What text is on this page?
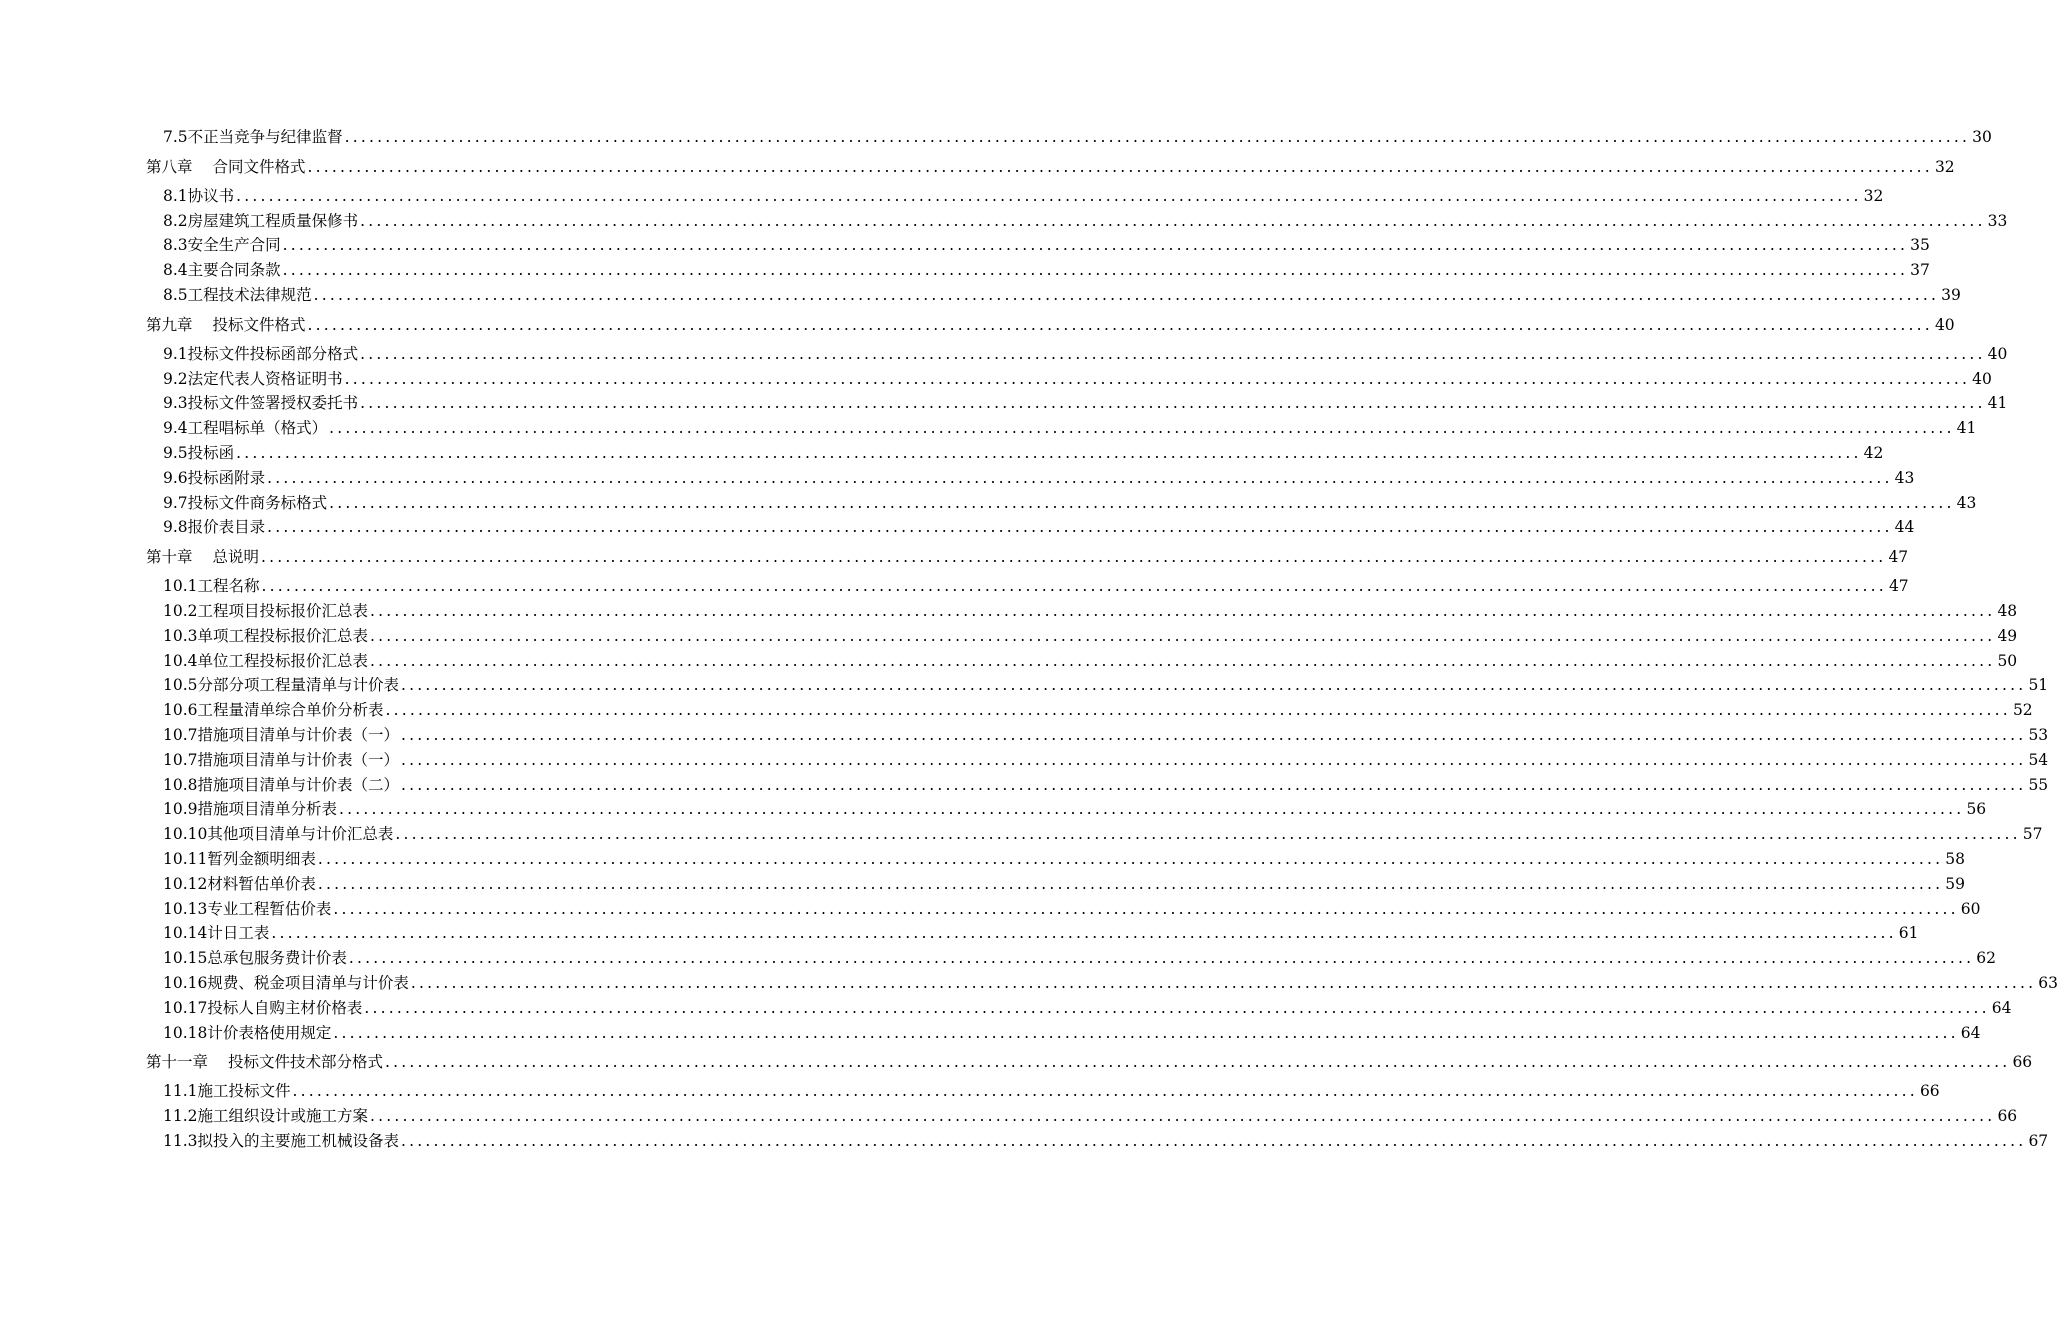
7.5不正当竞争与纪律监督 ........................................................................................................................................................................................................ 30
第八章 合同文件格式 ........................................................................................................................................................................................................ 32
8.1协议书 ........................................................................................................................................................................................................ 32
8.2房屋建筑工程质量保修书 ........................................................................................................................................................................................................ 33
8.3安全生产合同 ........................................................................................................................................................................................................ 35
8.4主要合同条款 ........................................................................................................................................................................................................ 37
8.5工程技术法律规范 ........................................................................................................................................................................................................ 39
第九章 投标文件格式 ........................................................................................................................................................................................................ 40
9.1投标文件投标函部分格式 ........................................................................................................................................................................................................ 40
9.2法定代表人资格证明书 ........................................................................................................................................................................................................ 40
9.3投标文件签署授权委托书 ........................................................................................................................................................................................................ 41
9.4工程唱标单（格式） ........................................................................................................................................................................................................ 41
9.5投标函 ........................................................................................................................................................................................................ 42
9.6投标函附录 ........................................................................................................................................................................................................ 43
9.7投标文件商务标格式 ........................................................................................................................................................................................................ 43
9.8报价表目录 ........................................................................................................................................................................................................ 44
第十章 总说明 ........................................................................................................................................................................................................ 47
10.1工程名称 ........................................................................................................................................................................................................ 47
10.2工程项目投标报价汇总表 ........................................................................................................................................................................................................ 48
10.3单项工程投标报价汇总表 ........................................................................................................................................................................................................ 49
10.4单位工程投标报价汇总表 ........................................................................................................................................................................................................ 50
10.5分部分项工程量清单与计价表 ........................................................................................................................................................................................................ 51
10.6工程量清单综合单价分析表 ........................................................................................................................................................................................................ 52
10.7措施项目清单与计价表（一） ........................................................................................................................................................................................................ 53
10.7措施项目清单与计价表（一） ........................................................................................................................................................................................................ 54
10.8措施项目清单与计价表（二） ........................................................................................................................................................................................................ 55
10.9措施项目清单分析表 ........................................................................................................................................................................................................ 56
10.10其他项目清单与计价汇总表 ........................................................................................................................................................................................................ 57
10.11暂列金额明细表 ........................................................................................................................................................................................................ 58
10.12材料暂估单价表 ........................................................................................................................................................................................................ 59
10.13专业工程暂估价表 ........................................................................................................................................................................................................ 60
10.14计日工表 ........................................................................................................................................................................................................ 61
10.15总承包服务费计价表 ........................................................................................................................................................................................................ 62
10.16规费、税金项目清单与计价表 ........................................................................................................................................................................................................ 63
10.17投标人自购主材价格表 ........................................................................................................................................................................................................ 64
10.18计价表格使用规定 ........................................................................................................................................................................................................ 64
第十一章 投标文件技术部分格式 ........................................................................................................................................................................................................ 66
11.1施工投标文件 ........................................................................................................................................................................................................ 66
11.2施工组织设计或施工方案 ........................................................................................................................................................................................................ 66
11.3拟投入的主要施工机械设备表 ........................................................................................................................................................................................................ 67
